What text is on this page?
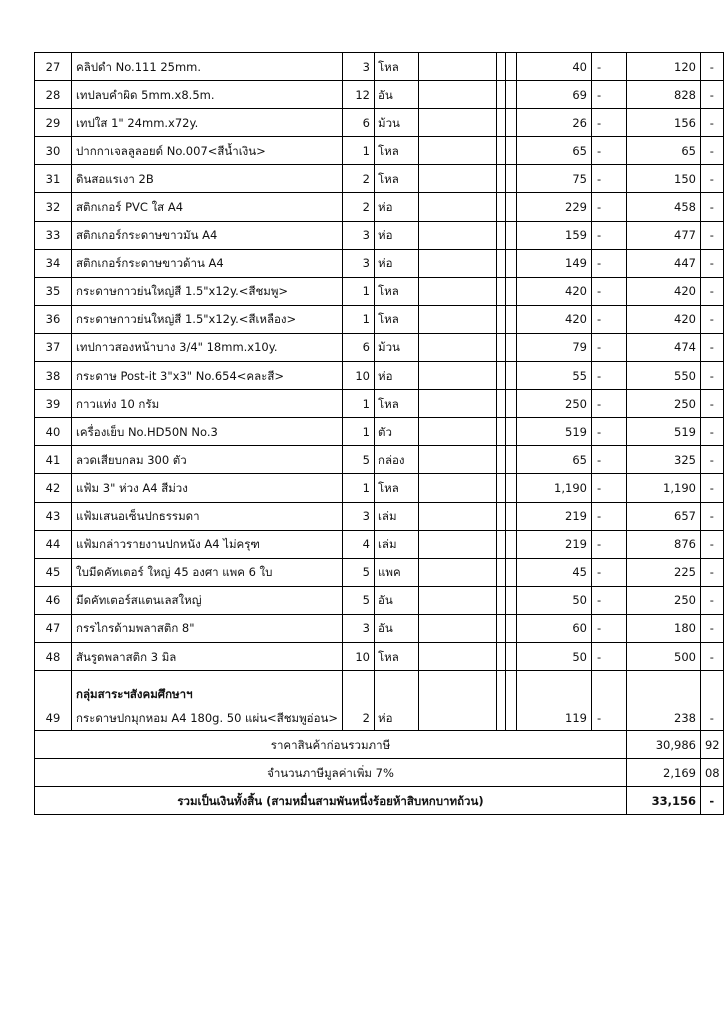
27	คลิปดำ No.111 25mm.	3	โหล				40	-	120	-
28	เทปลบคำผิด 5mm.x8.5m.	12	อัน				69	-	828	-
29	เทปใส 1" 24mm.x72y.	6	ม้วน				26	-	156	-
30	ปากกาเจลลูลอยด์ No.007<สีน้ำเงิน>	1	โหล				65	-	65	-
31	ดินสอแรเงา 2B	2	โหล				75	-	150	-
32	สติกเกอร์ PVC ใส A4	2	ห่อ				229	-	458	-
33	สติกเกอร์กระดาษขาวมัน A4	3	ห่อ				159	-	477	-
34	สติกเกอร์กระดาษขาวด้าน A4	3	ห่อ				149	-	447	-
35	กระดาษกาวย่นใหญ่สี 1.5"x12y.<สีชมพู>	1	โหล				420	-	420	-
36	กระดาษกาวย่นใหญ่สี 1.5"x12y.<สีเหลือง>	1	โหล				420	-	420	-
37	เทปกาวสองหน้าบาง 3/4" 18mm.x10y.	6	ม้วน				79	-	474	-
38	กระดาษ Post-it 3"x3" No.654<คละสี>	10	ห่อ				55	-	550	-
39	กาวแท่ง 10 กรัม	1	โหล				250	-	250	-
40	เครื่องเย็บ No.HD50N No.3	1	ตัว				519	-	519	-
41	ลวดเสียบกลม 300 ตัว	5	กล่อง				65	-	325	-
42	แฟ้ม 3" ห่วง A4 สีม่วง	1	โหล				1,190	-	1,190	-
43	แฟ้มเสนอเซ็นปกธรรมดา	3	เล่ม				219	-	657	-
44	แฟ้มกล่าวรายงานปกหนัง A4 ไม่ครุฑ	4	เล่ม				219	-	876	-
45	ใบมีดคัทเตอร์ ใหญ่ 45 องศา แพค 6 ใบ	5	แพค				45	-	225	-
46	มีดคัทเตอร์สแตนเลสใหญ่	5	อัน				50	-	250	-
47	กรรไกรด้ามพลาสติก 8"	3	อัน				60	-	180	-
48	สันรูดพลาสติก 3 มิล	10	โหล				50	-	500	-
49	กลุ่มสาระฯสังคมศึกษาฯ
กระดาษปกมุกหอม A4 180g. 50 แผ่น<สีชมพูอ่อน>	2	ห่อ				119	-	238	-
ราคาสินค้าก่อนรวมภาษี									30,986	92
จำนวนภาษีมูลค่าเพิ่ม 7%									2,169	08
รวมเป็นเงินทั้งสิ้น (สามหมื่นสามพันหนึ่งร้อยห้าสิบหกบาทถ้วน)									33,156	-
